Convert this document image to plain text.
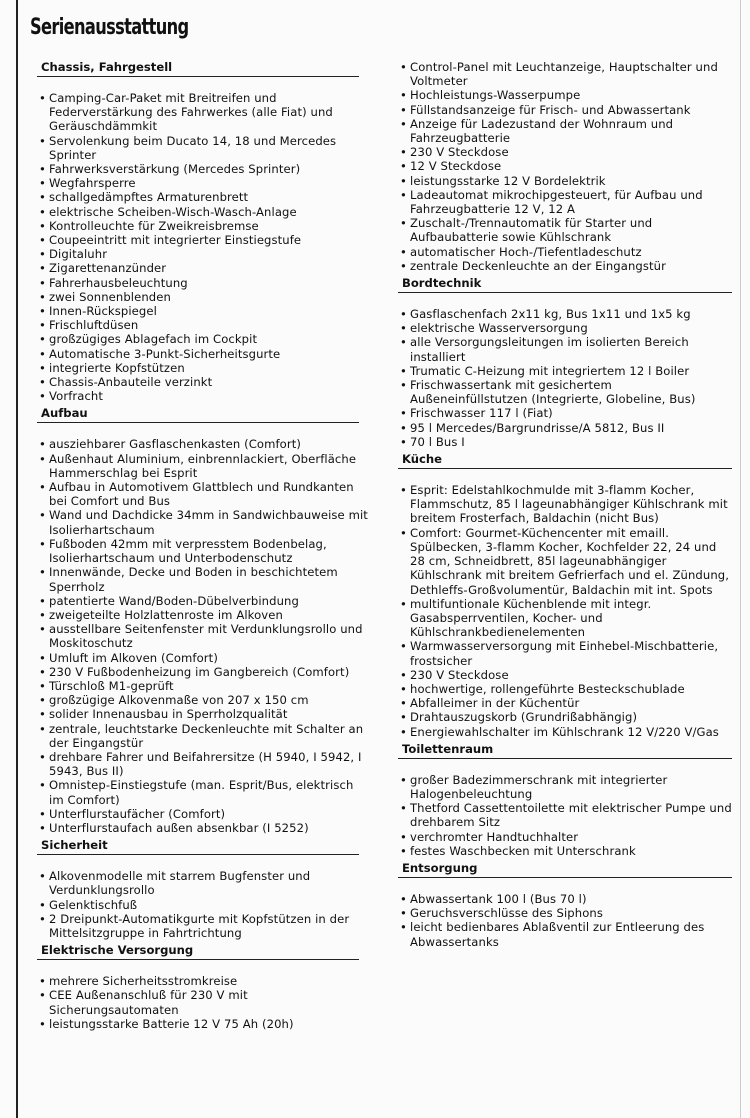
Serienausstattung
Chassis, Fahrgestell
• Camping-Car-Paket mit Breitreifen und Federverstärkung des Fahrwerkes (alle Fiat) und Geräuschdämmkit
• Servolenkung beim Ducato 14, 18 und Mercedes Sprinter
• Fahrwerksverstärkung (Mercedes Sprinter)
• Wegfahrsperre
• schallgedämpftes Armaturenbrett
• elektrische Scheiben-Wisch-Wasch-Anlage
• Kontrolleuchte für Zweikreisbremse
• Coupeeintritt mit integrierter Einstiegstufe
• Digitaluhr
• Zigarettenanzünder
• Fahrerhausbeleuchtung
• zwei Sonnenblenden
• Innen-Rückspiegel
• Frischluftdüsen
• großzügiges Ablagefach im Cockpit
• Automatische 3-Punkt-Sicherheitsgurte
• integrierte Kopfstützen
• Chassis-Anbauteile verzinkt
• Vorfracht
Aufbau
• ausziehbarer Gasflaschenkasten (Comfort)
• Außenhaut Aluminium, einbrennlackiert, Oberfläche Hammerschlag bei Esprit
• Aufbau in Automotivem Glattblech und Rundkanten bei Comfort und Bus
• Wand und Dachdicke 34mm in Sandwichbauweise mit Isolierhartschaum
• Fußboden 42mm mit verpresstem Bodenbelag, Isolierhartschaum und Unterbodenschutz
• Innenwände, Decke und Boden in beschichtetem Sperrholz
• patentierte Wand/Boden-Dübelverbindung
• zweigeteilte Holzlattenroste im Alkoven
• ausstellbare Seitenfenster mit Verdunklungsrollo und Moskitoschutz
• Umluft im Alkoven (Comfort)
• 230 V Fußbodenheizung im Gangbereich (Comfort)
• Türschloß M1-geprüft
• großzügige Alkovenmaße von 207 x 150 cm
• solider Innenausbau in Sperrholzqualität
• zentrale, leuchtstarke Deckenleuchte mit Schalter an der Eingangstür
• drehbare Fahrer und Beifahrersitze (H 5940, I 5942, I 5943, Bus II)
• Omnistep-Einstiegstufe (man. Esprit/Bus, elektrisch im Comfort)
• Unterflurstaufächer (Comfort)
• Unterflurstaufach außen absenkbar (I 5252)
Sicherheit
• Alkovenmodelle mit starrem Bugfenster und Verdunklungsrollo
• Gelenktischfuß
• 2 Dreipunkt-Automatikgurte mit Kopfstützen in der Mittelsitzgruppe in Fahrtrichtung
Elektrische Versorgung
• mehrere Sicherheitsstromkreise
• CEE Außenanschluß für 230 V mit Sicherungsautomaten
• leistungsstarke Batterie 12 V 75 Ah (20h)
• Control-Panel mit Leuchtanzeige, Hauptschalter und Voltmeter
• Hochleistungs-Wasserpumpe
• Füllstandsanzeige für Frisch- und Abwassertank
• Anzeige für Ladezustand der Wohnraum und Fahrzeugbatterie
• 230 V Steckdose
• 12 V Steckdose
• leistungsstarke 12 V Bordelektrik
• Ladeautomat mikrochipgesteuert, für Aufbau und Fahrzeugbatterie 12 V, 12 A
• Zuschalt-/Trennautomatik für Starter und Aufbaubatterie sowie Kühlschrank
• automatischer Hoch-/Tiefentladeschutz
• zentrale Deckenleuchte an der Eingangstür
Bordtechnik
• Gasflaschenfach 2x11 kg, Bus 1x11 und 1x5 kg
• elektrische Wasserversorgung
• alle Versorgungsleitungen im isolierten Bereich installiert
• Trumatic C-Heizung mit integriertem 12 l Boiler
• Frischwassertank mit gesichertem Außeneinfüllstutzen (Integrierte, Globeline, Bus)
• Frischwasser 117 l (Fiat)
• 95 l Mercedes/Bargrundrisse/A 5812, Bus II
• 70 l Bus I
Küche
• Esprit: Edelstahlkochmulde mit 3-flamm Kocher, Flammschutz, 85 l lageunabhängiger Kühlschrank mit breitem Frosterfach, Baldachin (nicht Bus)
• Comfort: Gourmet-Küchencenter mit emaill. Spülbecken, 3-flamm Kocher, Kochfelder 22, 24 und 28 cm, Schneidbrett, 85l lageunabhängiger Kühlschrank mit breitem Gefrierfach und el. Zündung, Dethleffs-Großvolumentür, Baldachin mit int. Spots
• multifuntionale Küchenblende mit integr. Gasabsperrventilen, Kocher- und Kühlschrankbedienelementen
• Warmwasserversorgung mit Einhebel-Mischbatterie, frostsicher
• 230 V Steckdose
• hochwertige, rollengeführte Besteckschublade
• Abfalleimer in der Küchentür
• Drahtauszugskorb (Grundrißabhängig)
• Energiewahlschalter im Kühlschrank 12 V/220 V/Gas
Toilettenraum
• großer Badezimmerschrank mit integrierter Halogenbeleuchtung
• Thetford Cassettentoilette mit elektrischer Pumpe und drehbarem Sitz
• verchromter Handtuchhalter
• festes Waschbecken mit Unterschrank
Entsorgung
• Abwassertank 100 l (Bus 70 l)
• Geruchsverschlüsse des Siphons
• leicht bedienbares Ablaßventil zur Entleerung des Abwassertanks
